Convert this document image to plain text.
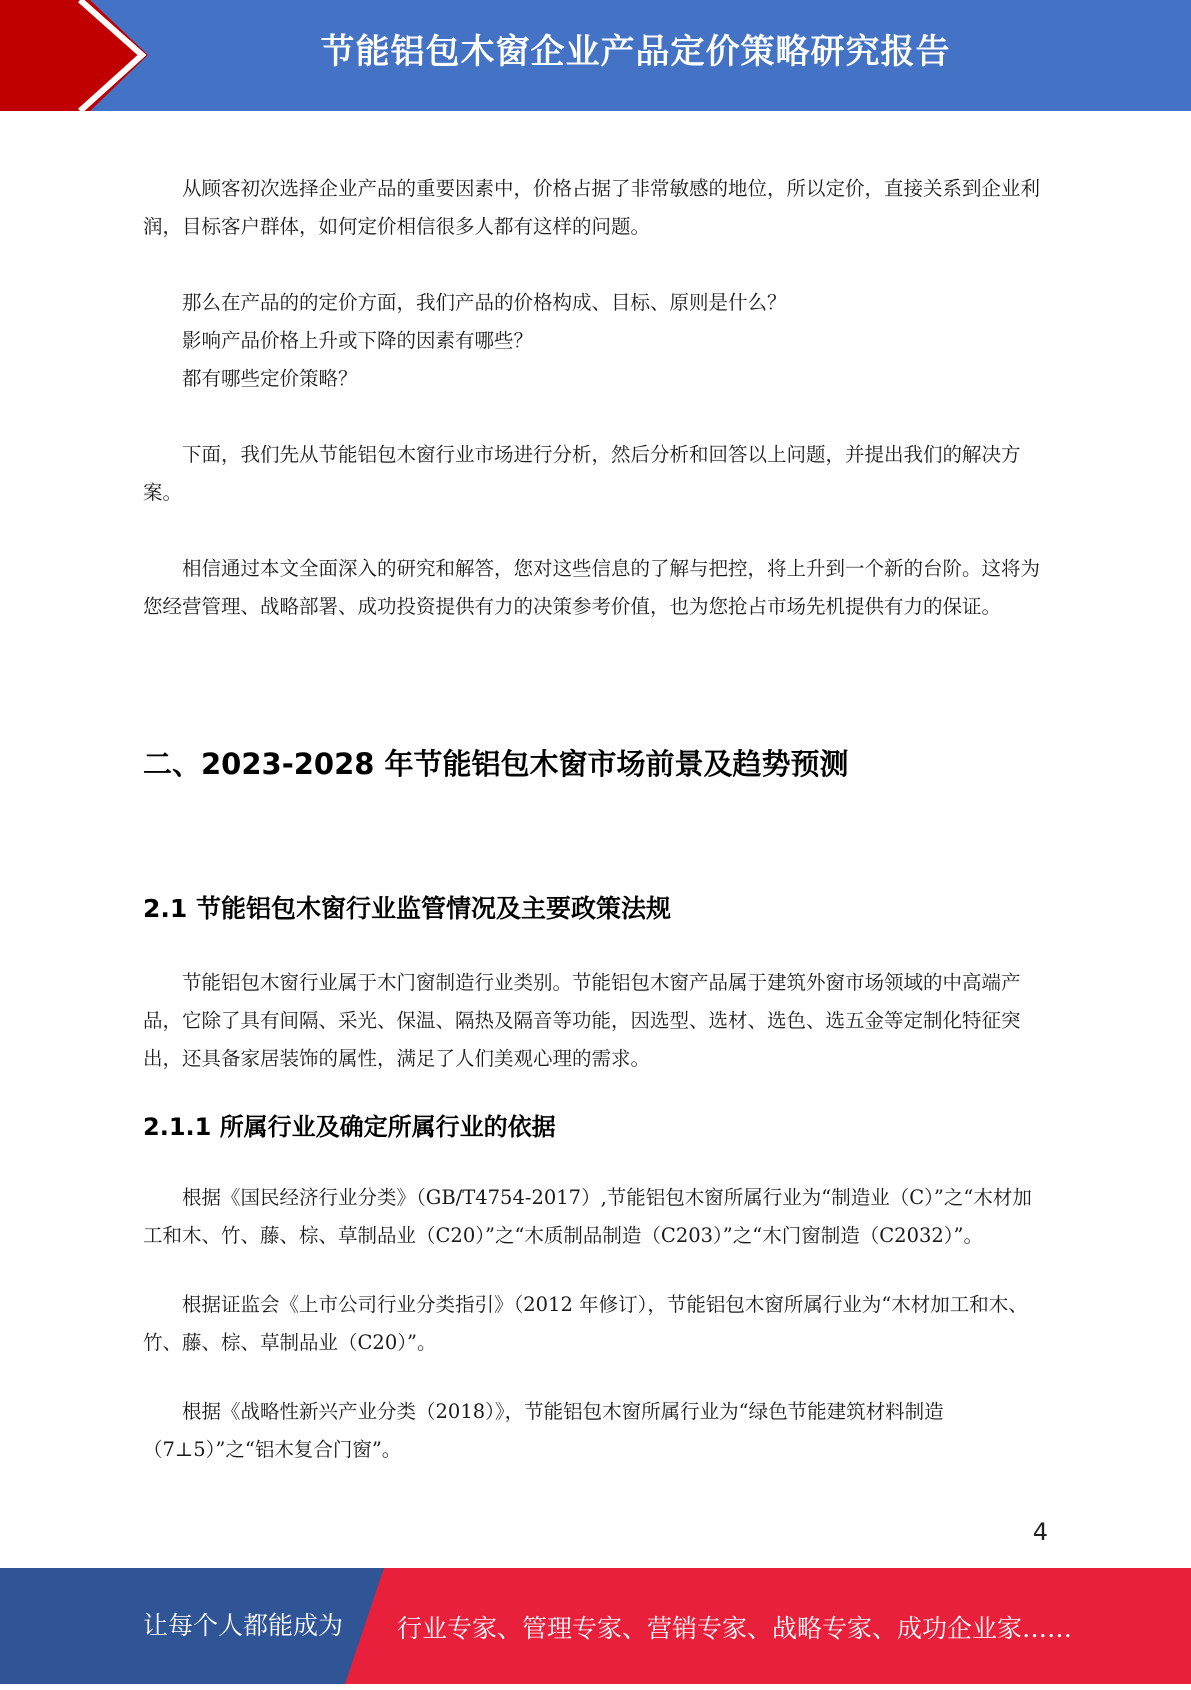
节能铝包木窗企业产品定价策略研究报告

从顾客初次选择企业产品的重要因素中，价格占据了非常敏感的地位，所以定价，直接关系到企业利润，目标客户群体，如何定价相信很多人都有这样的问题。

那么在产品的的定价方面，我们产品的价格构成、目标、原则是什么？

影响产品价格上升或下降的因素有哪些？

都有哪些定价策略？

下面，我们先从节能铝包木窗行业市场进行分析，然后分析和回答以上问题，并提出我们的解决方案。

相信通过本文全面深入的研究和解答，您对这些信息的了解与把控，将上升到一个新的台阶。这将为您经营管理、战略部署、成功投资提供有力的决策参考价值，也为您抢占市场先机提供有力的保证。

二、2023-2028 年节能铝包木窗市场前景及趋势预测
2.1 节能铝包木窗行业监管情况及主要政策法规

节能铝包木窗行业属于木门窗制造行业类别。节能铝包木窗产品属于建筑外窗市场领域的中高端产品，它除了具有间隔、采光、保温、隔热及隔音等功能，因选型、选材、选色、选五金等定制化特征突出，还具备家居装饰的属性，满足了人们美观心理的需求。

2.1.1 所属行业及确定所属行业的依据

根据《国民经济行业分类》（GB/T4754-2017）,节能铝包木窗所属行业为“制造业（C）”之“木材加工和木、竹、藤、棕、草制品业（C20）”之“木质制品制造（C203）”之“木门窗制造（C2032）”。

根据证监会《上市公司行业分类指引》（2012 年修订），节能铝包木窗所属行业为“木材加工和木、竹、藤、棕、草制品业（C20）”。

根据《战略性新兴产业分类（2018）》，节能铝包木窗所属行业为“绿色节能建筑材料制造（7⊥5）”之“铝木复合门窗”。

4
让每个人都能成为 行业专家、管理专家、营销专家、战略专家、成功企业家……
